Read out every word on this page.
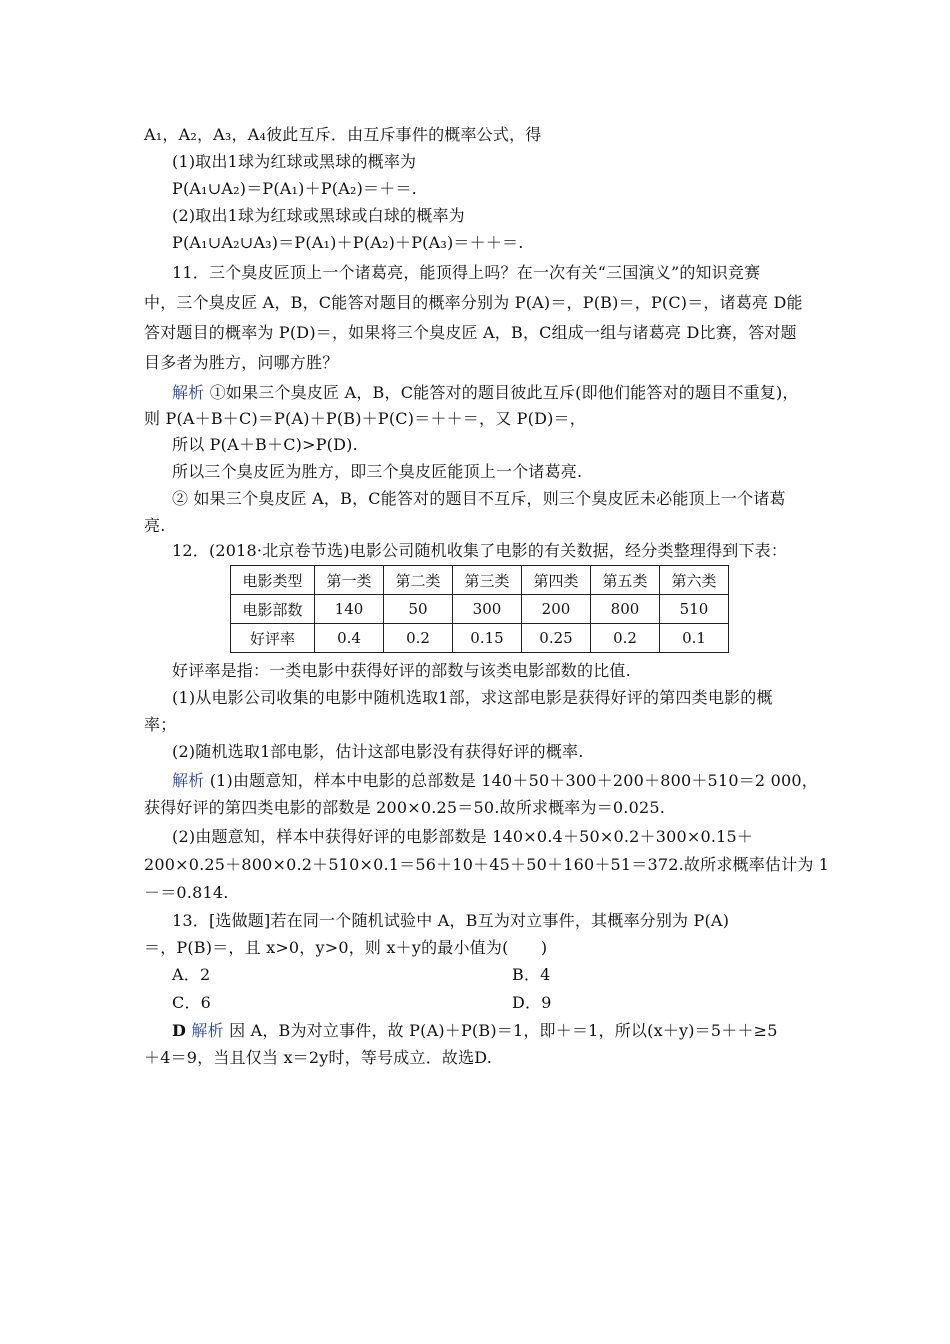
A₁，A₂，A₃，A₄彼此互斥．由互斥事件的概率公式，得
(1)取出1球为红球或黑球的概率为
P(A₁∪A₂)＝P(A₁)＋P(A₂)＝＋＝.
(2)取出1球为红球或黑球或白球的概率为
P(A₁∪A₂∪A₃)＝P(A₁)＋P(A₂)＋P(A₃)＝＋＋＝.
11．三个臭皮匠顶上一个诸葛亮，能顶得上吗？在一次有关“三国演义”的知识竞赛
中，三个臭皮匠 A，B，C能答对题目的概率分别为 P(A)＝，P(B)＝，P(C)＝，诸葛亮 D能
答对题目的概率为 P(D)＝，如果将三个臭皮匠 A，B，C组成一组与诸葛亮 D比赛，答对题
目多者为胜方，问哪方胜？
解析 ①如果三个臭皮匠 A，B，C能答对的题目彼此互斥(即他们能答对的题目不重复)，
则 P(A＋B＋C)＝P(A)＋P(B)＋P(C)＝＋＋＝，又 P(D)＝，
所以 P(A＋B＋C)>P(D).
所以三个臭皮匠为胜方，即三个臭皮匠能顶上一个诸葛亮.
② 如果三个臭皮匠 A，B，C能答对的题目不互斥，则三个臭皮匠未必能顶上一个诸葛
亮.
12．(2018·北京卷节选)电影公司随机收集了电影的有关数据，经分类整理得到下表：
电影类型	第一类	第二类	第三类	第四类	第五类	第六类
电影部数	140	50	300	200	800	510
好评率	0.4	0.2	0.15	0.25	0.2	0.1
好评率是指：一类电影中获得好评的部数与该类电影部数的比值.
(1)从电影公司收集的电影中随机选取1部，求这部电影是获得好评的第四类电影的概
率；
(2)随机选取1部电影，估计这部电影没有获得好评的概率.
解析 (1)由题意知，样本中电影的总部数是 140＋50＋300＋200＋800＋510＝2 000，
获得好评的第四类电影的部数是 200×0.25＝50.故所求概率为＝0.025.
(2)由题意知，样本中获得好评的电影部数是 140×0.4＋50×0.2＋300×0.15＋
200×0.25＋800×0.2＋510×0.1＝56＋10＋45＋50＋160＋51＝372.故所求概率估计为 1
－＝0.814.
13．[选做题]若在同一个随机试验中 A，B互为对立事件，其概率分别为 P(A)
＝，P(B)＝，且 x>0，y>0，则 x＋y的最小值为(　　)
A．2	B．4
C．6	D．9
D 解析 因 A，B为对立事件，故 P(A)＋P(B)＝1，即＋＝1，所以(x＋y)＝5＋＋≥5
＋4＝9，当且仅当 x＝2y时，等号成立．故选D.
